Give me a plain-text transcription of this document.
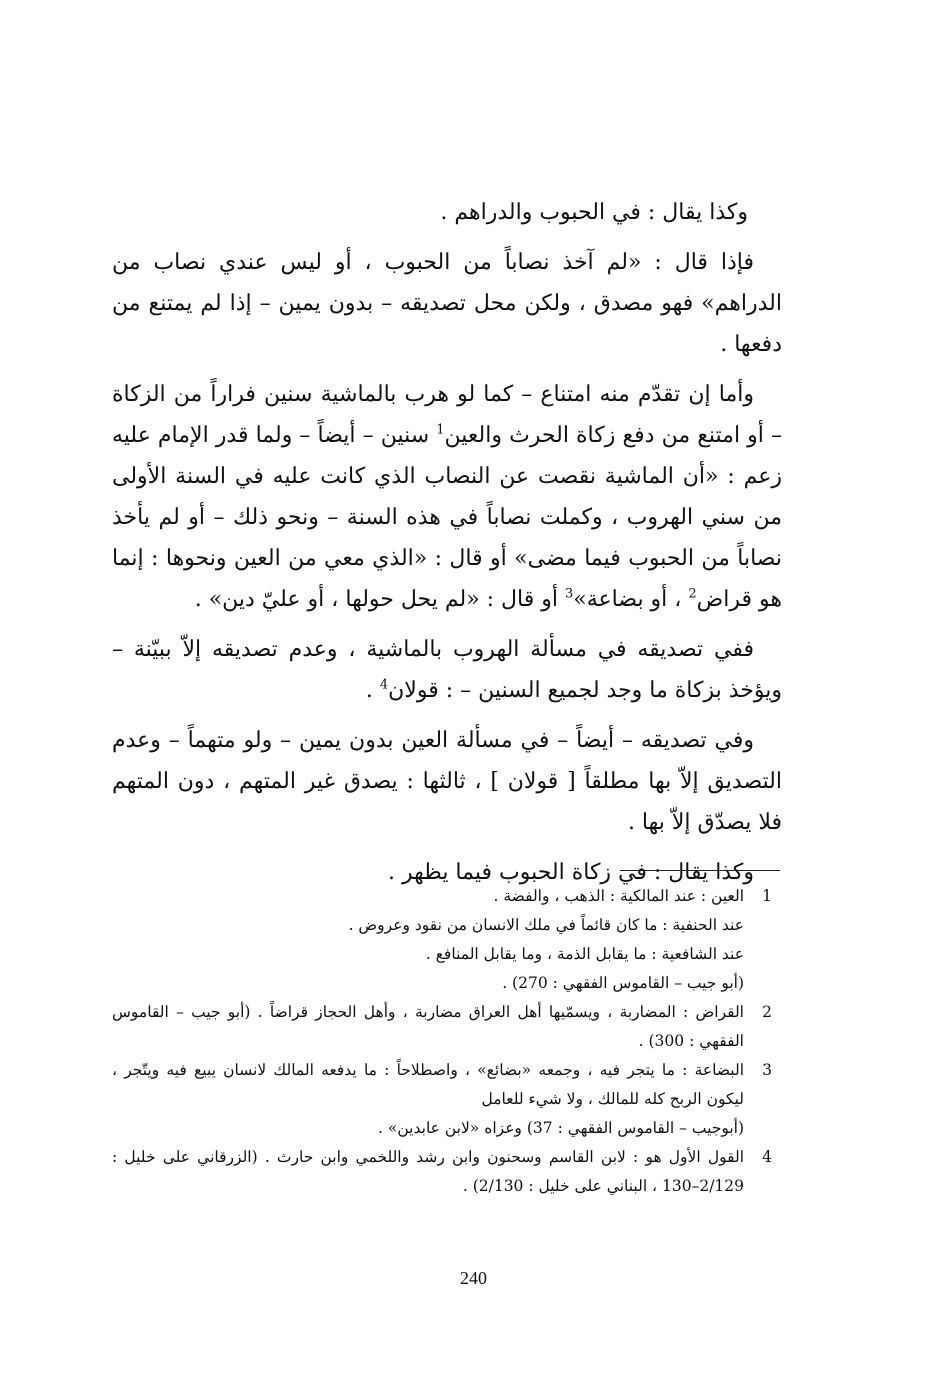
وكذا يقال : في الحبوب والدراهم .

فإذا قال : «لم آخذ نصاباً من الحبوب ، أو ليس عندي نصاب من الدراهم» فهو مصدق ، ولكن محل تصديقه – بدون يمين – إذا لم يمتنع من دفعها .

وأما إن تقدّم منه امتناع – كما لو هرب بالماشية سنين فراراً من الزكاة – أو امتنع من دفع زكاة الحرث والعين$^1$ سنين – أيضاً – ولما قدر الإمام عليه زعم : «أن الماشية نقصت عن النصاب الذي كانت عليه في السنة الأولى من سني الهروب ، وكملت نصاباً في هذه السنة – ونحو ذلك – أو لم يأخذ نصاباً من الحبوب فيما مضى» أو قال : «الذي معي من العين ونحوها : إنما هو قراض$^2$ ، أو بضاعة»$^3$ أو قال : «لم يحل حولها ، أو عليّ دين» .

ففي تصديقه في مسألة الهروب بالماشية ، وعدم تصديقه إلاّ ببيّنة – ويؤخذ بزكاة ما وجد لجميع السنين – : قولان$^4$ .

وفي تصديقه – أيضاً – في مسألة العين بدون يمين – ولو متهماً – وعدم التصديق إلاّ بها مطلقاً [ قولان ] ، ثالثها : يصدق غير المتهم ، دون المتهم فلا يصدّق إلاّ بها .

وكذا يقال : في زكاة الحبوب فيما يظهر .

1
العين : عند المالكية : الذهب ، والفضة .
عند الحنفية : ما كان قائماً في ملك الانسان من نقود وعروض .
عند الشافعية : ما يقابل الذمة ، وما يقابل المنافع .
(أبو جيب – القاموس الفقهي : 270) .
2
القراض : المضاربة ، ويسمّيها أهل العراق مضاربة ، وأهل الحجاز قراضاً . (أبو جيب – القاموس الفقهي : 300) .
3
البضاعة : ما يتجر فيه ، وجمعه «بضائع» ، واصطلاحاً : ما يدفعه المالك لانسان يبيع فيه ويتّجر ، ليكون الربح كله للمالك ، ولا شيء للعامل
(أبوجيب – القاموس الفقهي : 37) وعزاه «لابن عابدين» .
4
القول الأول هو : لابن القاسم وسحنون وابن رشد واللخمي وابن حارث . (الزرقاني على خليل : 2/129–130 ، البناني على خليل : 2/130) .
240
